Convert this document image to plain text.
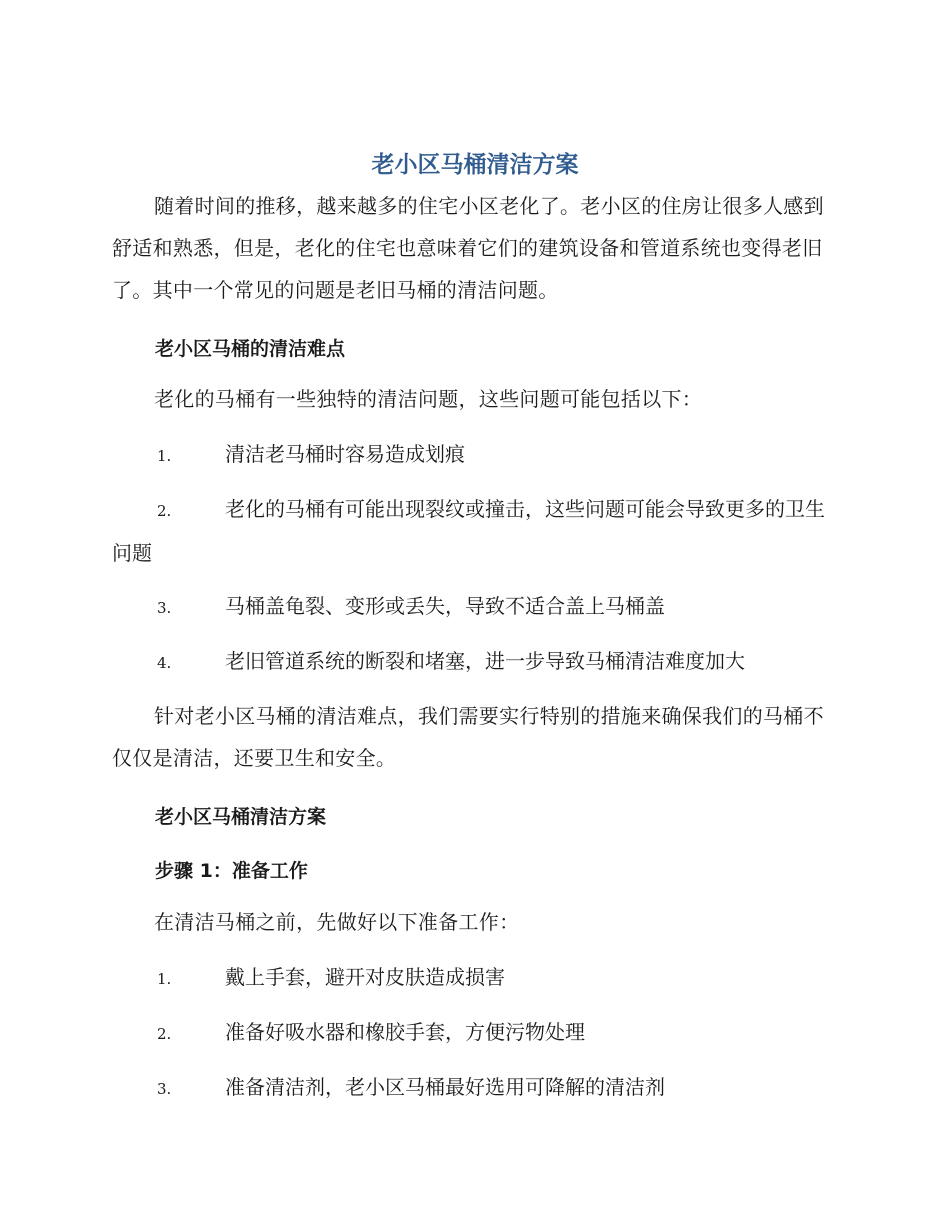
老小区马桶清洁方案
随着时间的推移，越来越多的住宅小区老化了。老小区的住房让很多人感到舒适和熟悉，但是，老化的住宅也意味着它们的建筑设备和管道系统也变得老旧了。其中一个常见的问题是老旧马桶的清洁问题。
老小区马桶的清洁难点
老化的马桶有一些独特的清洁问题，这些问题可能包括以下：
1.	清洁老马桶时容易造成划痕
2.	老化的马桶有可能出现裂纹或撞击，这些问题可能会导致更多的卫生问题
3.	马桶盖龟裂、变形或丢失，导致不适合盖上马桶盖
4.	老旧管道系统的断裂和堵塞，进一步导致马桶清洁难度加大
针对老小区马桶的清洁难点，我们需要实行特别的措施来确保我们的马桶不仅仅是清洁，还要卫生和安全。
老小区马桶清洁方案
步骤 1：准备工作
在清洁马桶之前，先做好以下准备工作：
1.	戴上手套，避开对皮肤造成损害
2.	准备好吸水器和橡胶手套，方便污物处理
3.	准备清洁剂，老小区马桶最好选用可降解的清洁剂
